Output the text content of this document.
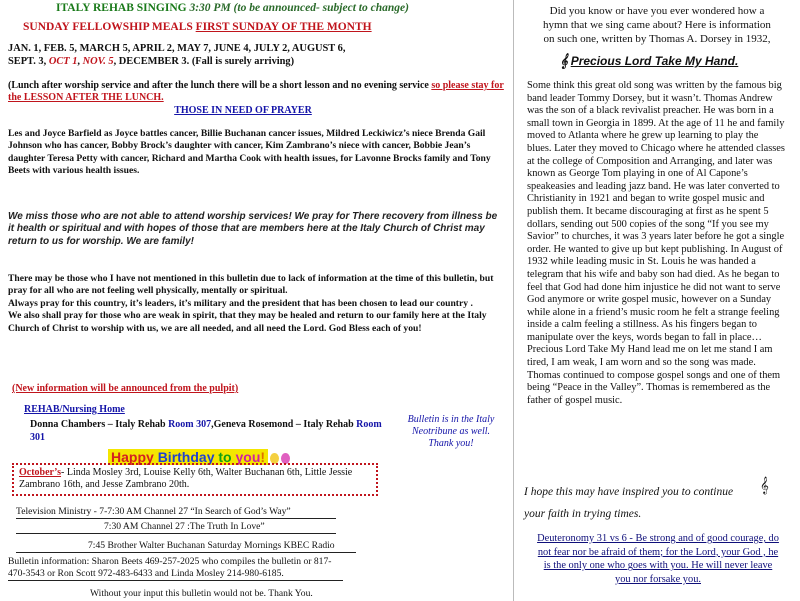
ITALY REHAB SINGING 3:30 PM (to be announced- subject to change)
SUNDAY FELLOWSHIP MEALS FIRST SUNDAY OF THE MONTH
JAN. 1, FEB. 5, MARCH 5, APRIL 2, MAY 7, JUNE 4, JULY 2, AUGUST 6,
SEPT. 3, OCT 1, NOV. 5, DECEMBER 3. (Fall is surely arriving)
(Lunch after worship service and after the lunch there will be a short lesson and no evening service so please stay for the LESSON AFTER THE LUNCH.
THOSE IN NEED OF PRAYER

Les and Joyce Barfield as Joyce battles cancer, Billie Buchanan cancer issues, Mildred Leckiwicz’s niece Brenda Gail Johnson who has cancer, Bobby Brock’s daughter with cancer, Kim Zambrano’s niece with cancer, Bobbie Jean’s daughter Teresa Petty with cancer, Richard and Martha Cook with health issues, for Lavonne Brocks family and Tony Beets with various health issues.

We miss those who are not able to attend worship services! We pray for There recovery from illness be it health or spiritual and with hopes of those that are members here at the Italy Church of Christ may return to us for worship. We are family!

There may be those who I have not mentioned in this bulletin due to lack of information at the time of this bulletin, but pray for all who are not feeling well physically, mentally or spiritual.

Always pray for this country, it’s leaders, it’s military and the president that has been chosen to lead our country .

We also shall pray for those who are weak in spirit, that they may be healed and return to our family here at the Italy Church of Christ to worship with us, we are all needed, and all need the Lord. God Bless each of you!

(New information will be announced from the pulpit)
REHAB/Nursing Home
Donna Chambers – Italy Rehab Room 307,Geneva Rosemond – Italy Rehab Room 301
Bulletin is in the Italy Neotribune as well. Thank you!
Happy Birthday to you!
October’s- Linda Mosley 3rd, Louise Kelly 6th, Walter Buchanan 6th, Little Jessie Zambrano 16th, and Jesse Zambrano 20th.
Television Ministry - 7-7:30 AM Channel 27 “In Search of God’s Way”
7:30 AM Channel 27 :The Truth In Love”
7:45 Brother Walter Buchanan Saturday Mornings KBEC Radio
Bulletin information: Sharon Beets 469-257-2025 who compiles the bulletin or 817-470-3543 or Ron Scott 972-483-6433 and Linda Mosley 214-980-6185.
Without your input this bulletin would not be. Thank You.

Did you know or have you ever wondered how a hymn that we sing came about? Here is information on such one, written by Thomas A. Dorsey in 1932,

𝄞 Precious Lord Take My Hand.

Some think this great old song was written by the famous big band leader Tommy Dorsey, but it wasn’t. Thomas Andrew was the son of a black revivalist preacher. He was born in a small town in Georgia in 1899. At the age of 11 he and family moved to Atlanta where he grew up learning to play the blues. Later they moved to Chicago where he attended classes at the college of Composition and Arranging, and later was known as George Tom playing in one of Al Capone’s speakeasies and leading jazz band. He was later converted to Christianity in 1921 and began to write gospel music and publish them. It became discouraging at first as he spent 5 dollars, sending out 500 copies of the song “If you see my Savior” to churches, it was 3 years later before he got a single order. He wanted to give up but kept publishing. In August of 1932 while leading music in St. Louis he was handed a telegram that his wife and baby son had died. As he began to feel that God had done him injustice he did not want to serve God anymore or write gospel music, however on a Sunday while alone in a friend’s music room he felt a strange feeling inside a calm feeling a stillness. As his fingers began to manipulate over the keys, words began to fall in place…Precious Lord Take My Hand lead me on let me stand I am tired, I am weak, I am worn and so the song was made. Thomas continued to compose gospel songs and one of them being “Peace in the Valley”. Thomas is remembered as the father of gospel music.

I hope this may have inspired you to continue your faith in trying times.

𝄞

Deuteronomy 31 vs 6 - Be strong and of good courage, do not fear nor be afraid of them; for the Lord, your God , he is the only one who goes with you. He will never leave you nor forsake you.
